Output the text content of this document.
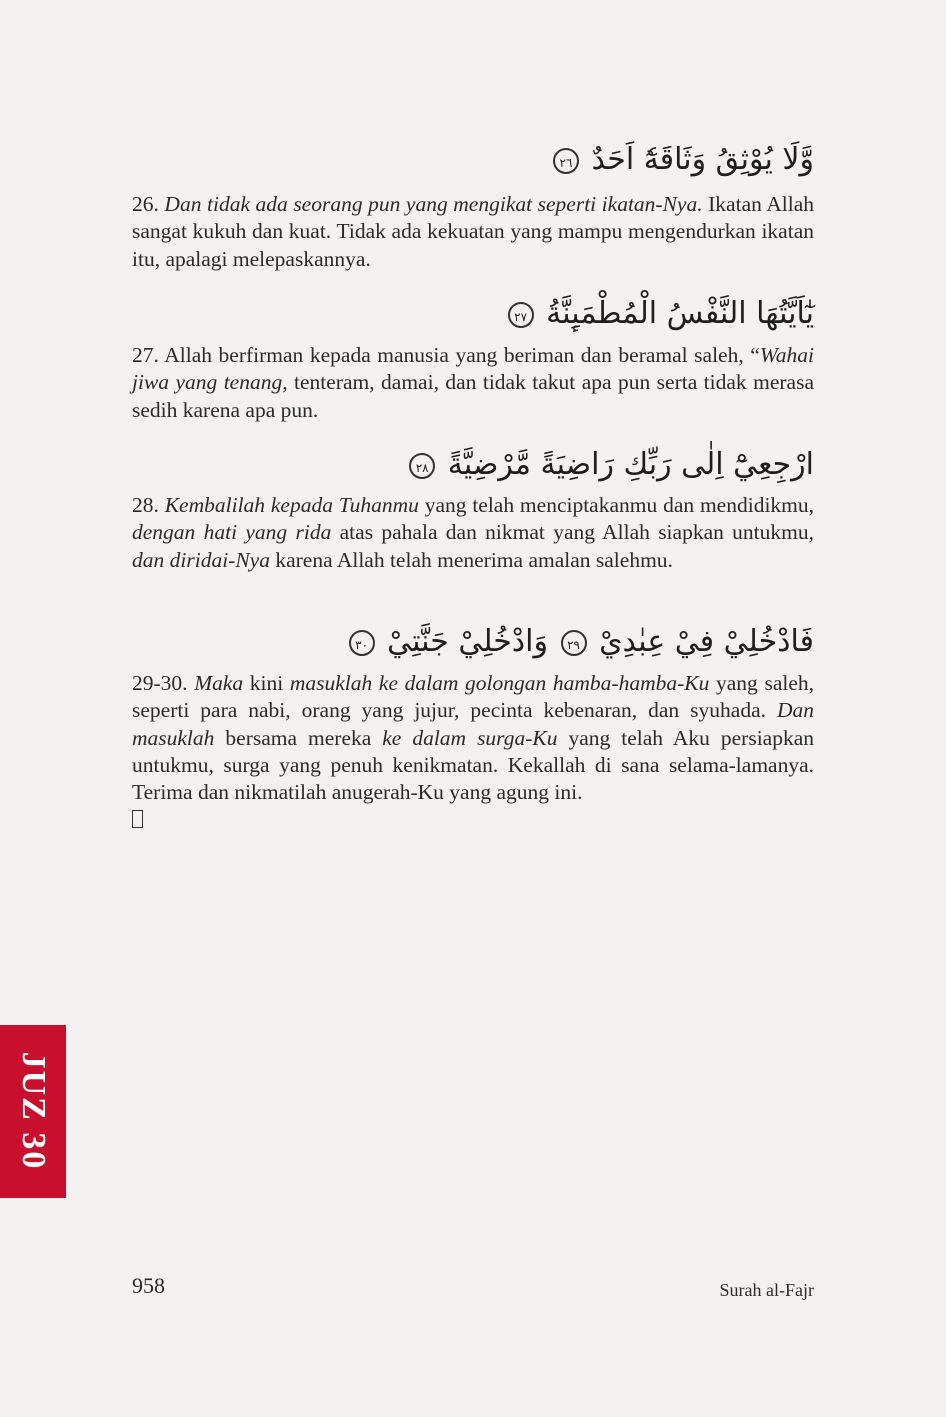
وَّلَا يُوْثِقُ وَثَاقَهٗٓ اَحَدٌ ٢٦

26. Dan tidak ada seorang pun yang mengikat seperti ikatan-Nya. Ikatan Allah sangat kukuh dan kuat. Tidak ada kekuatan yang mampu mengendurkan ikatan itu, apalagi melepaskannya.

يٰٓاَيَّتُهَا النَّفْسُ الْمُطْمَىِٕنَّةُ ٢٧

27. Allah berfirman kepada manusia yang beriman dan beramal saleh, “Wahai jiwa yang tenang, tenteram, damai, dan tidak takut apa pun serta tidak merasa sedih karena apa pun.

ارْجِعِيْٓ اِلٰى رَبِّكِ رَاضِيَةً مَّرْضِيَّةً ٢٨

28. Kembalilah kepada Tuhanmu yang telah menciptakanmu dan mendidikmu, dengan hati yang rida atas pahala dan nikmat yang Allah siapkan untukmu, dan diridai-Nya karena Allah telah menerima amalan salehmu.

فَادْخُلِيْ فِيْ عِبٰدِيْ ٢٩ وَادْخُلِيْ جَنَّتِيْ ٣٠

29-30. Maka kini masuklah ke dalam golongan hamba-hamba-Ku yang saleh, seperti para nabi, orang yang jujur, pecinta kebenaran, dan syuhada. Dan masuklah bersama mereka ke dalam surga-Ku yang telah Aku persiapkan untukmu, surga yang penuh kenikmatan. Kekallah di sana selama-lamanya. Terima dan nikmatilah anugerah-Ku yang agung ini.

JUZ 30
958	Surah al-Fajr
